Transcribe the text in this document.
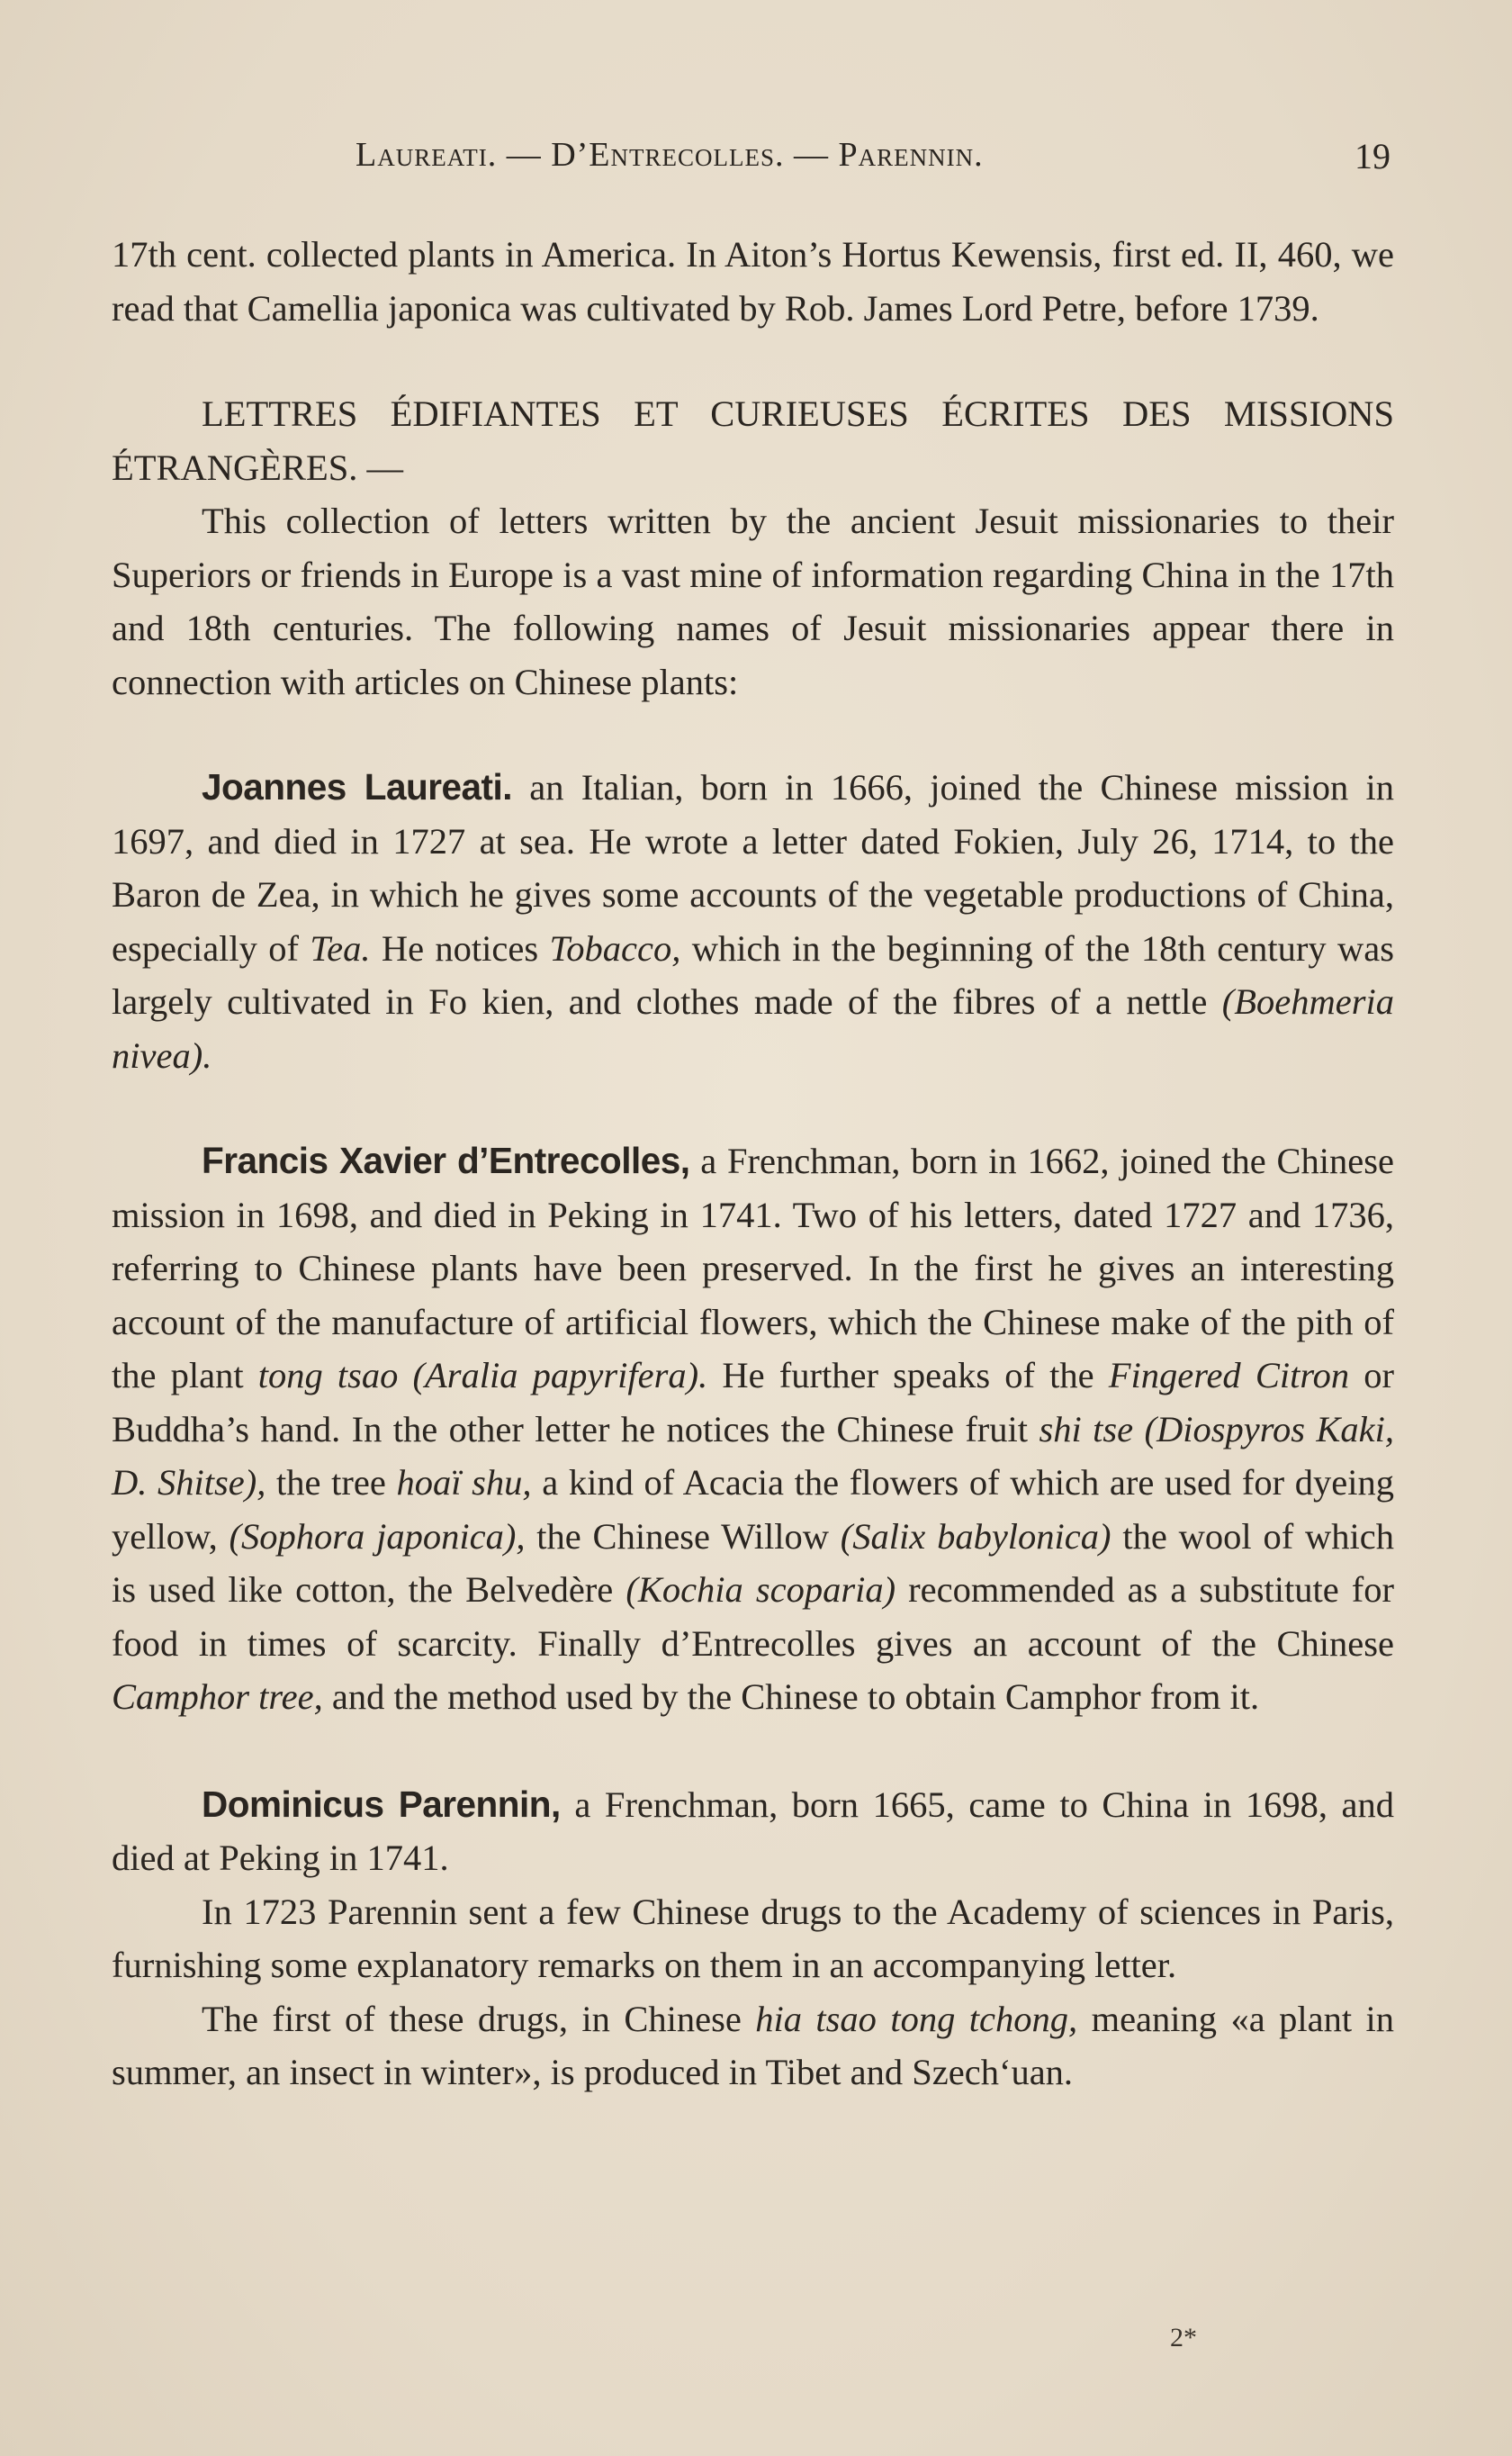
Laureati. — D’Entrecolles. — Parennin.	19

17th cent. collected plants in America. In Aiton’s Hortus Kewensis, first ed. II, 460, we read that Camellia japonica was cultivated by Rob. James Lord Petre, before 1739.

LETTRES ÉDIFIANTES ET CURIEUSES ÉCRITES DES MISSIONS ÉTRANGÈRES. —

This collection of letters written by the ancient Jesuit missionaries to their Superiors or friends in Europe is a vast mine of information regarding China in the 17th and 18th centuries. The following names of Jesuit missionaries appear there in connection with articles on Chinese plants:

Joannes Laureati. an Italian, born in 1666, joined the Chinese mission in 1697, and died in 1727 at sea. He wrote a letter dated Fokien, July 26, 1714, to the Baron de Zea, in which he gives some accounts of the vegetable productions of China, especially of Tea. He notices Tobacco, which in the beginning of the 18th century was largely cultivated in Fo kien, and clothes made of the fibres of a nettle (Boehmeria nivea).

Francis Xavier d’Entrecolles, a Frenchman, born in 1662, joined the Chinese mission in 1698, and died in Peking in 1741. Two of his letters, dated 1727 and 1736, referring to Chinese plants have been preserved. In the first he gives an interesting account of the manufacture of artificial flowers, which the Chinese make of the pith of the plant tong tsao (Aralia papyrifera). He further speaks of the Fingered Citron or Buddha’s hand. In the other letter he notices the Chinese fruit shi tse (Diospyros Kaki, D. Shitse), the tree hoaï shu, a kind of Acacia the flowers of which are used for dyeing yellow, (Sophora japonica), the Chinese Willow (Salix babylonica) the wool of which is used like cotton, the Belvedère (Kochia scoparia) recommended as a substitute for food in times of scarcity. Finally d’Entrecolles gives an account of the Chinese Camphor tree, and the method used by the Chinese to obtain Camphor from it.

Dominicus Parennin, a Frenchman, born 1665, came to China in 1698, and died at Peking in 1741.

In 1723 Parennin sent a few Chinese drugs to the Academy of sciences in Paris, furnishing some explanatory remarks on them in an accompanying letter.

The first of these drugs, in Chinese hia tsao tong tchong, meaning «a plant in summer, an insect in winter», is produced in Tibet and Szechʻuan.

2*
